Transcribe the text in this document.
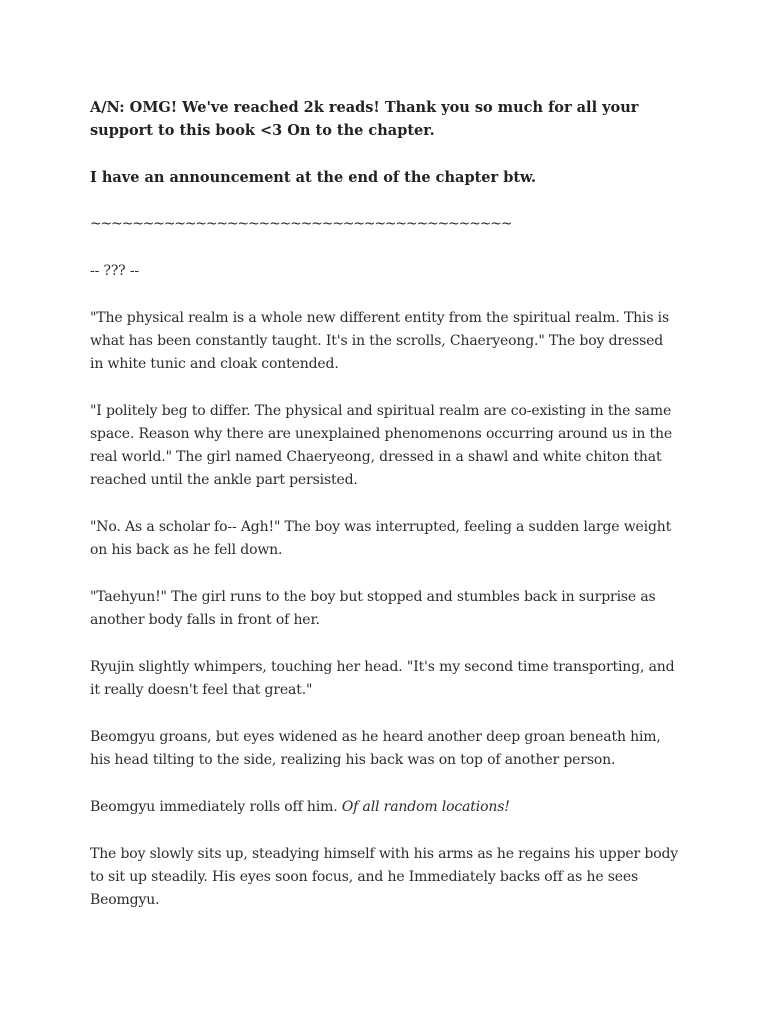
A/N: OMG! We've reached 2k reads! Thank you so much for all your support to this book <3 On to the chapter.

I have an announcement at the end of the chapter btw.

~~~~~~~~~~~~~~~~~~~~~~~~~~~~~~~~~~~~~~~~

-- ??? --

"The physical realm is a whole new different entity from the spiritual realm. This is what has been constantly taught. It's in the scrolls, Chaeryeong." The boy dressed in white tunic and cloak contended.

"I politely beg to differ. The physical and spiritual realm are co-existing in the same space. Reason why there are unexplained phenomenons occurring around us in the real world." The girl named Chaeryeong, dressed in a shawl and white chiton that reached until the ankle part persisted.

"No. As a scholar fo-- Agh!" The boy was interrupted, feeling a sudden large weight on his back as he fell down.

"Taehyun!" The girl runs to the boy but stopped and stumbles back in surprise as another body falls in front of her.

Ryujin slightly whimpers, touching her head. "It's my second time transporting, and it really doesn't feel that great."

Beomgyu groans, but eyes widened as he heard another deep groan beneath him, his head tilting to the side, realizing his back was on top of another person.

Beomgyu immediately rolls off him. Of all random locations!

The boy slowly sits up, steadying himself with his arms as he regains his upper body to sit up steadily. His eyes soon focus, and he Immediately backs off as he sees Beomgyu.
